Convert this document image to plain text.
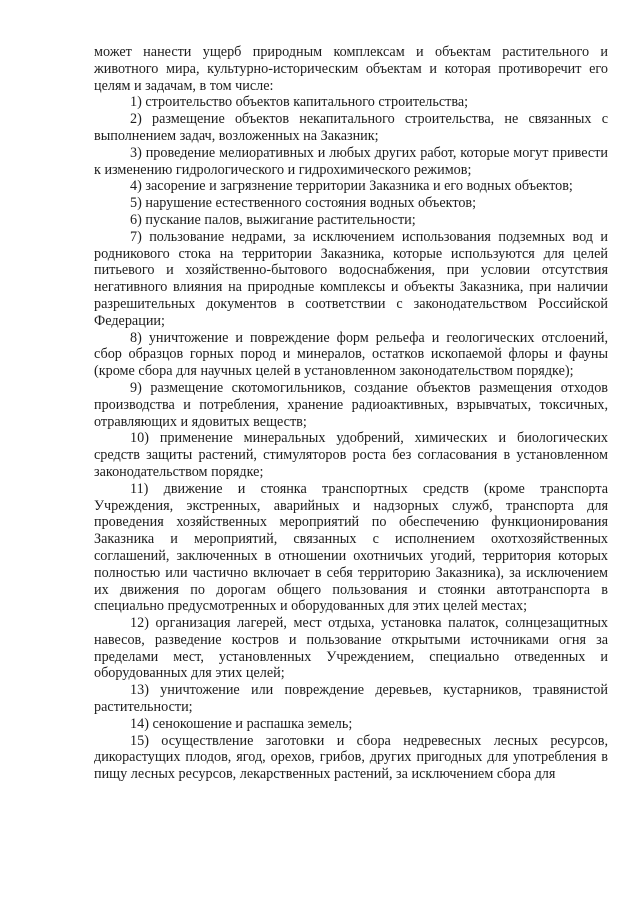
может нанести ущерб природным комплексам и объектам растительного и животного мира, культурно-историческим объектам и которая противоречит его целям и задачам, в том числе:

1) строительство объектов капитального строительства;

2) размещение объектов некапитального строительства, не связанных с выполнением задач, возложенных на Заказник;

3) проведение мелиоративных и любых других работ, которые могут привести к изменению гидрологического и гидрохимического режимов;

4) засорение и загрязнение территории Заказника и его водных объектов;

5) нарушение естественного состояния водных объектов;

6) пускание палов, выжигание растительности;

7) пользование недрами, за исключением использования подземных вод и родникового стока на территории Заказника, которые используются для целей питьевого и хозяйственно-бытового водоснабжения, при условии отсутствия негативного влияния на природные комплексы и объекты Заказника, при наличии разрешительных документов в соответствии с законодательством Российской Федерации;

8) уничтожение и повреждение форм рельефа и геологических отслоений, сбор образцов горных пород и минералов, остатков ископаемой флоры и фауны (кроме сбора для научных целей в установленном законодательством порядке);

9) размещение скотомогильников, создание объектов размещения отходов производства и потребления, хранение радиоактивных, взрывчатых, токсичных, отравляющих и ядовитых веществ;

10) применение минеральных удобрений, химических и биологических средств защиты растений, стимуляторов роста без согласования в установленном законодательством порядке;

11) движение и стоянка транспортных средств (кроме транспорта Учреждения, экстренных, аварийных и надзорных служб, транспорта для проведения хозяйственных мероприятий по обеспечению функционирования Заказника и мероприятий, связанных с исполнением охотхозяйственных соглашений, заключенных в отношении охотничьих угодий, территория которых полностью или частично включает в себя территорию Заказника), за исключением их движения по дорогам общего пользования и стоянки автотранспорта в специально предусмотренных и оборудованных для этих целей местах;

12) организация лагерей, мест отдыха, установка палаток, солнцезащитных навесов, разведение костров и пользование открытыми источниками огня за пределами мест, установленных Учреждением, специально отведенных и оборудованных для этих целей;

13) уничтожение или повреждение деревьев, кустарников, травянистой растительности;

14) сенокошение и распашка земель;

15) осуществление заготовки и сбора недревесных лесных ресурсов, дикорастущих плодов, ягод, орехов, грибов, других пригодных для употребления в пищу лесных ресурсов, лекарственных растений, за исключением сбора для
